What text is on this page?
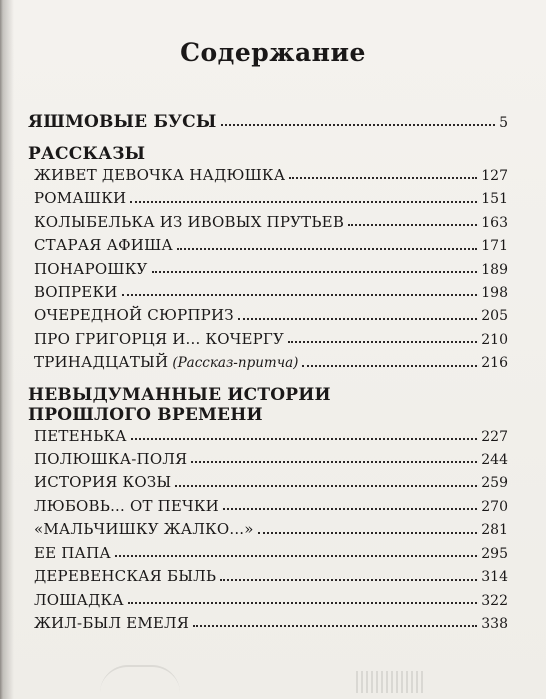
Содержание
ЯШМОВЫЕ БУСЫ	5
РАССКАЗЫ
ЖИВЕТ ДЕВОЧКА НАДЮШКА	127
РОМАШКИ	151
КОЛЫБЕЛЬКА ИЗ ИВОВЫХ ПРУТЬЕВ	163
СТАРАЯ АФИША	171
ПОНАРОШКУ	189
ВОПРЕКИ	198
ОЧЕРЕДНОЙ СЮРПРИЗ	205
ПРО ГРИГОРЦЯ И... КОЧЕРГУ	210
ТРИНАДЦАТЫЙ (Рассказ-притча)	216
НЕВЫДУМАННЫЕ ИСТОРИИ
ПРОШЛОГО ВРЕМЕНИ
ПЕТЕНЬКА	227
ПОЛЮШКА-ПОЛЯ	244
ИСТОРИЯ КОЗЫ	259
ЛЮБОВЬ... ОТ ПЕЧКИ	270
«МАЛЬЧИШКУ ЖАЛКО...»	281
ЕЕ ПАПА	295
ДЕРЕВЕНСКАЯ БЫЛЬ	314
ЛОШАДКА	322
ЖИЛ-БЫЛ ЕМЕЛЯ	338
